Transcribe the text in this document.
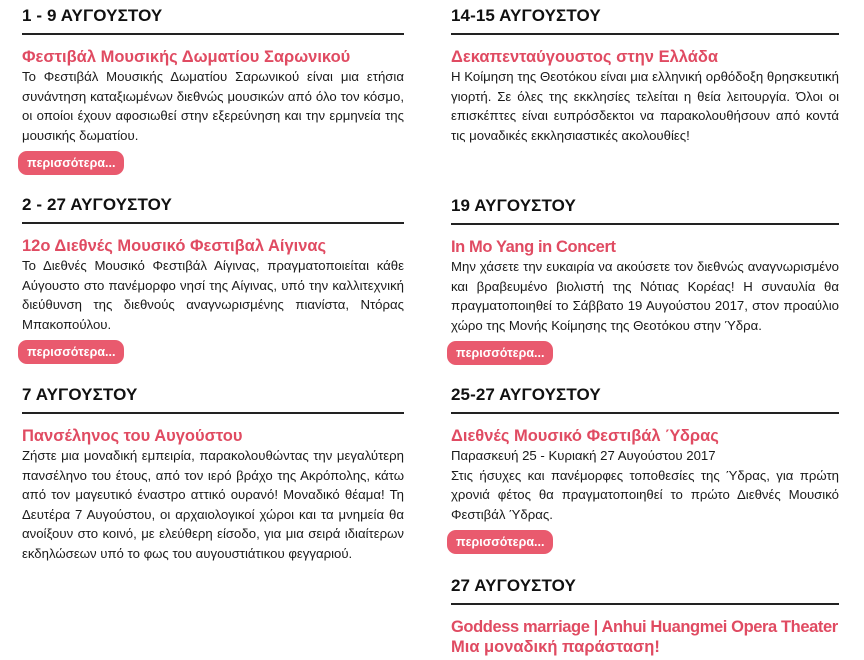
1 - 9 ΑΥΓΟΥΣΤΟΥ
Φεστιβάλ Μουσικής Δωματίου Σαρωνικού

Το Φεστιβάλ Μουσικής Δωματίου Σαρωνικού είναι μια ετήσια συνάντηση καταξιωμένων διεθνώς μουσικών από όλο τον κόσμο, οι οποίοι έχουν αφοσιωθεί στην εξερεύνηση και την ερμηνεία της μουσικής δωματίου.

περισσότερα...
2 - 27 ΑΥΓΟΥΣΤΟΥ
12ο Διεθνές Μουσικό Φεστιβαλ Αίγινας

Το Διεθνές Μουσικό Φεστιβάλ Αίγινας, πραγματοποιείται κάθε Αύγουστο στο πανέμορφο νησί της Αίγινας, υπό την καλλιτεχνική διεύθυνση της διεθνούς αναγνωρισμένης πιανίστα, Ντόρας Μπακοπούλου.

περισσότερα...
7 ΑΥΓΟΥΣΤΟΥ
Πανσέληνος του Αυγούστου

Ζήστε μια μοναδική εμπειρία, παρακολουθώντας την μεγαλύτερη πανσέληνο του έτους, από τον ιερό βράχο της Ακρόπολης, κάτω από τον μαγευτικό έναστρο αττικό ουρανό! Μοναδικό θέαμα! Τη Δευτέρα 7 Αυγούστου, οι αρχαιολογικοί χώροι και τα μνημεία θα ανοίξουν στο κοινό, με ελεύθερη είσοδο, για μια σειρά ιδιαίτερων εκδηλώσεων υπό το φως του αυγουστιάτικου φεγγαριού.

14-15 ΑΥΓΟΥΣΤΟΥ
Δεκαπενταύγουστος στην Ελλάδα

Η Κοίμηση της Θεοτόκου είναι μια ελληνική ορθόδοξη θρησκευτική γιορτή. Σε όλες της εκκλησίες τελείται η θεία λειτουργία. Όλοι οι επισκέπτες είναι ευπρόσδεκτοι να παρακολουθήσουν από κοντά τις μοναδικές εκκλησιαστικές ακολουθίες!

19 ΑΥΓΟΥΣΤΟΥ
In Mo Yang in Concert

Μην χάσετε την ευκαιρία να ακούσετε τον διεθνώς αναγνωρισμένο και βραβευμένο βιολιστή της Νότιας Κορέας! Η συναυλία θα πραγματοποιηθεί το Σάββατο 19 Αυγούστου 2017, στον προαύλιο χώρο της Μονής Κοίμησης της Θεοτόκου στην Ύδρα.

περισσότερα...
25-27 ΑΥΓΟΥΣΤΟΥ
Διεθνές Μουσικό Φεστιβάλ Ύδρας
Παρασκευή 25 - Κυριακή 27 Αυγούστου 2017

Στις ήσυχες και πανέμορφες τοποθεσίες της Ύδρας, για πρώτη χρονιά φέτος θα πραγματοποιηθεί το πρώτο Διεθνές Μουσικό Φεστιβάλ Ύδρας.

περισσότερα...
27 ΑΥΓΟΥΣΤΟΥ
Goddess marriage | Anhui Huangmei Opera Theater
Μια μοναδική παράσταση!
